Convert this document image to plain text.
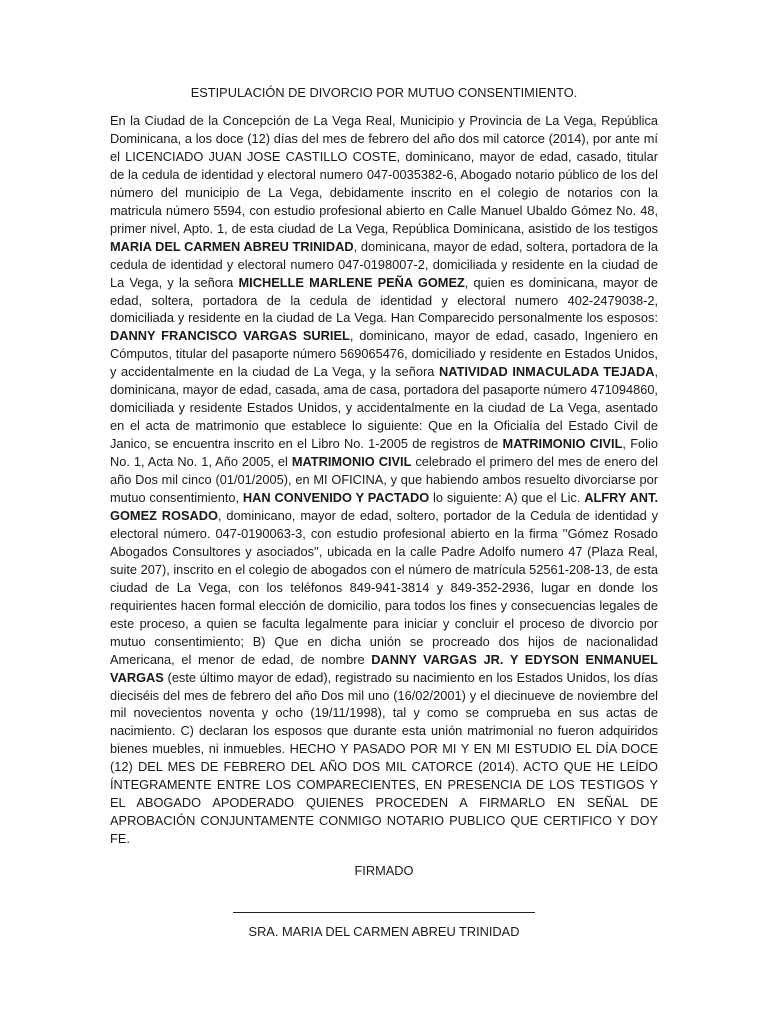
ESTIPULACIÓN DE DIVORCIO POR MUTUO CONSENTIMIENTO.

En la Ciudad de la Concepción de La Vega Real, Municipio y Provincia de La Vega, República Dominicana, a los doce (12) días del mes de febrero del año dos mil catorce (2014), por ante mí el LICENCIADO JUAN JOSE CASTILLO COSTE, dominicano, mayor de edad, casado, titular de la cedula de identidad y electoral numero 047-0035382-6, Abogado notario público de los del número del municipio de La Vega, debidamente inscrito en el colegio de notarios con la matricula número 5594, con estudio profesional abierto en Calle Manuel Ubaldo Gómez No. 48, primer nivel, Apto. 1, de esta ciudad de La Vega, República Dominicana, asistido de los testigos MARIA DEL CARMEN ABREU TRINIDAD, dominicana, mayor de edad, soltera, portadora de la cedula de identidad y electoral numero 047-0198007-2, domiciliada y residente en la ciudad de La Vega, y la señora MICHELLE MARLENE PEÑA GOMEZ, quien es dominicana, mayor de edad, soltera, portadora de la cedula de identidad y electoral numero 402-2479038-2, domiciliada y residente en la ciudad de La Vega. Han Comparecido personalmente los esposos: DANNY FRANCISCO VARGAS SURIEL, dominicano, mayor de edad, casado, Ingeniero en Cómputos, titular del pasaporte número 569065476, domiciliado y residente en Estados Unidos, y accidentalmente en la ciudad de La Vega, y la señora NATIVIDAD INMACULADA TEJADA, dominicana, mayor de edad, casada, ama de casa, portadora del pasaporte número 471094860, domiciliada y residente Estados Unidos, y accidentalmente en la ciudad de La Vega, asentado en el acta de matrimonio que establece lo siguiente: Que en la Oficialía del Estado Civil de Janico, se encuentra inscrito en el Libro No. 1-2005 de registros de MATRIMONIO CIVIL, Folio No. 1, Acta No. 1, Año 2005, el MATRIMONIO CIVIL celebrado el primero del mes de enero del año Dos mil cinco (01/01/2005), en MI OFICINA, y que habiendo ambos resuelto divorciarse por mutuo consentimiento, HAN CONVENIDO Y PACTADO lo siguiente: A) que el Lic. ALFRY ANT. GOMEZ ROSADO, dominicano, mayor de edad, soltero, portador de la Cedula de identidad y electoral número. 047-0190063-3, con estudio profesional abierto en la firma ''Gómez Rosado Abogados Consultores y asociados'', ubicada en la calle Padre Adolfo numero 47 (Plaza Real, suite 207), inscrito en el colegio de abogados con el número de matrícula 52561-208-13, de esta ciudad de La Vega, con los teléfonos 849-941-3814 y 849-352-2936, lugar en donde los requirientes hacen formal elección de domicilio, para todos los fines y consecuencias legales de este proceso, a quien se faculta legalmente para iniciar y concluir el proceso de divorcio por mutuo consentimiento; B) Que en dicha unión se procreado dos hijos de nacionalidad Americana, el menor de edad, de nombre DANNY VARGAS JR. Y EDYSON ENMANUEL VARGAS (este último mayor de edad), registrado su nacimiento en los Estados Unidos, los días dieciséis del mes de febrero del año Dos mil uno (16/02/2001) y el diecinueve de noviembre del mil novecientos noventa y ocho (19/11/1998), tal y como se comprueba en sus actas de nacimiento. C) declaran los esposos que durante esta unión matrimonial no fueron adquiridos bienes muebles, ni inmuebles. HECHO Y PASADO POR MI Y EN MI ESTUDIO EL DÍA DOCE (12) DEL MES DE FEBRERO DEL AÑO DOS MIL CATORCE (2014). ACTO QUE HE LEÍDO ÍNTEGRAMENTE ENTRE LOS COMPARECIENTES, EN PRESENCIA DE LOS TESTIGOS Y EL ABOGADO APODERADO QUIENES PROCEDEN A FIRMARLO EN SEÑAL DE APROBACIÓN CONJUNTAMENTE CONMIGO NOTARIO PUBLICO QUE CERTIFICO Y DOY FE.

FIRMADO
SRA. MARIA DEL CARMEN ABREU TRINIDAD
